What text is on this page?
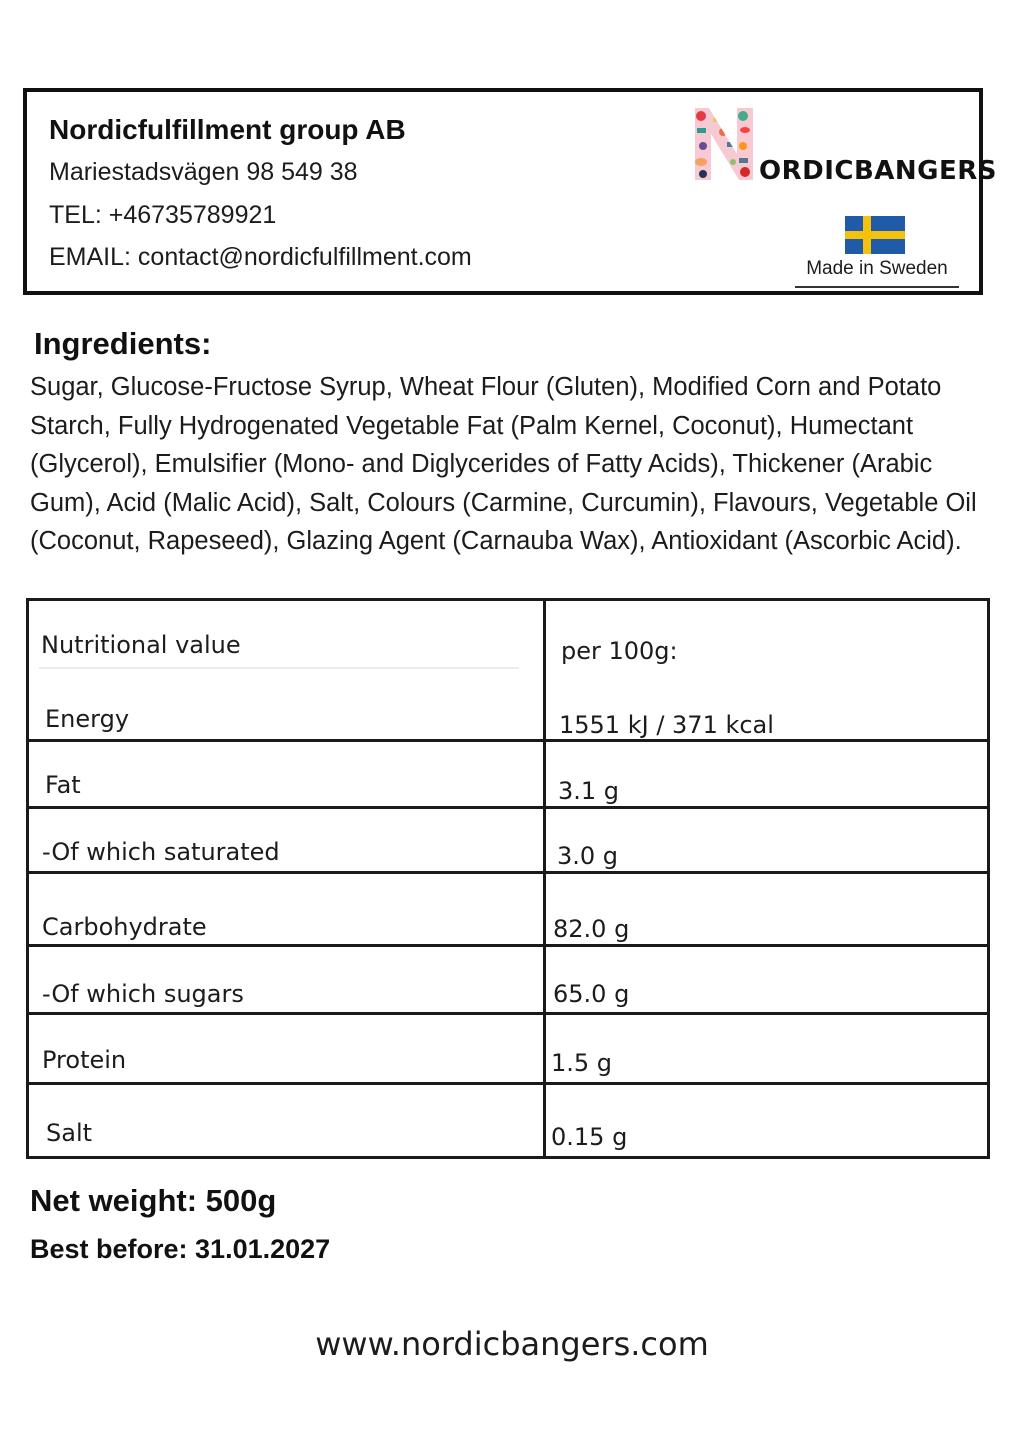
Nordicfulfillment group AB
Mariestadsvägen 98 549 38
TEL: +46735789921
EMAIL: contact@nordicfulfillment.com
ORDICBANGERS
Made in Sweden
Ingredients:
Sugar, Glucose-Fructose Syrup, Wheat Flour (Gluten), Modified Corn and Potato Starch, Fully Hydrogenated Vegetable Fat (Palm Kernel, Coconut), Humectant (Glycerol), Emulsifier (Mono- and Diglycerides of Fatty Acids), Thickener (Arabic Gum), Acid (Malic Acid), Salt, Colours (Carmine, Curcumin), Flavours, Vegetable Oil (Coconut, Rapeseed), Glazing Agent (Carnauba Wax), Antioxidant (Ascorbic Acid).
Nutritional value	per 100g:
Energy	1551 kJ / 371 kcal
Fat	3.1 g
-Of which saturated	3.0 g
Carbohydrate	82.0 g
-Of which sugars	65.0 g
Protein	1.5 g
Salt	0.15 g
Net weight: 500g
Best before: 31.01.2027
www.nordicbangers.com
